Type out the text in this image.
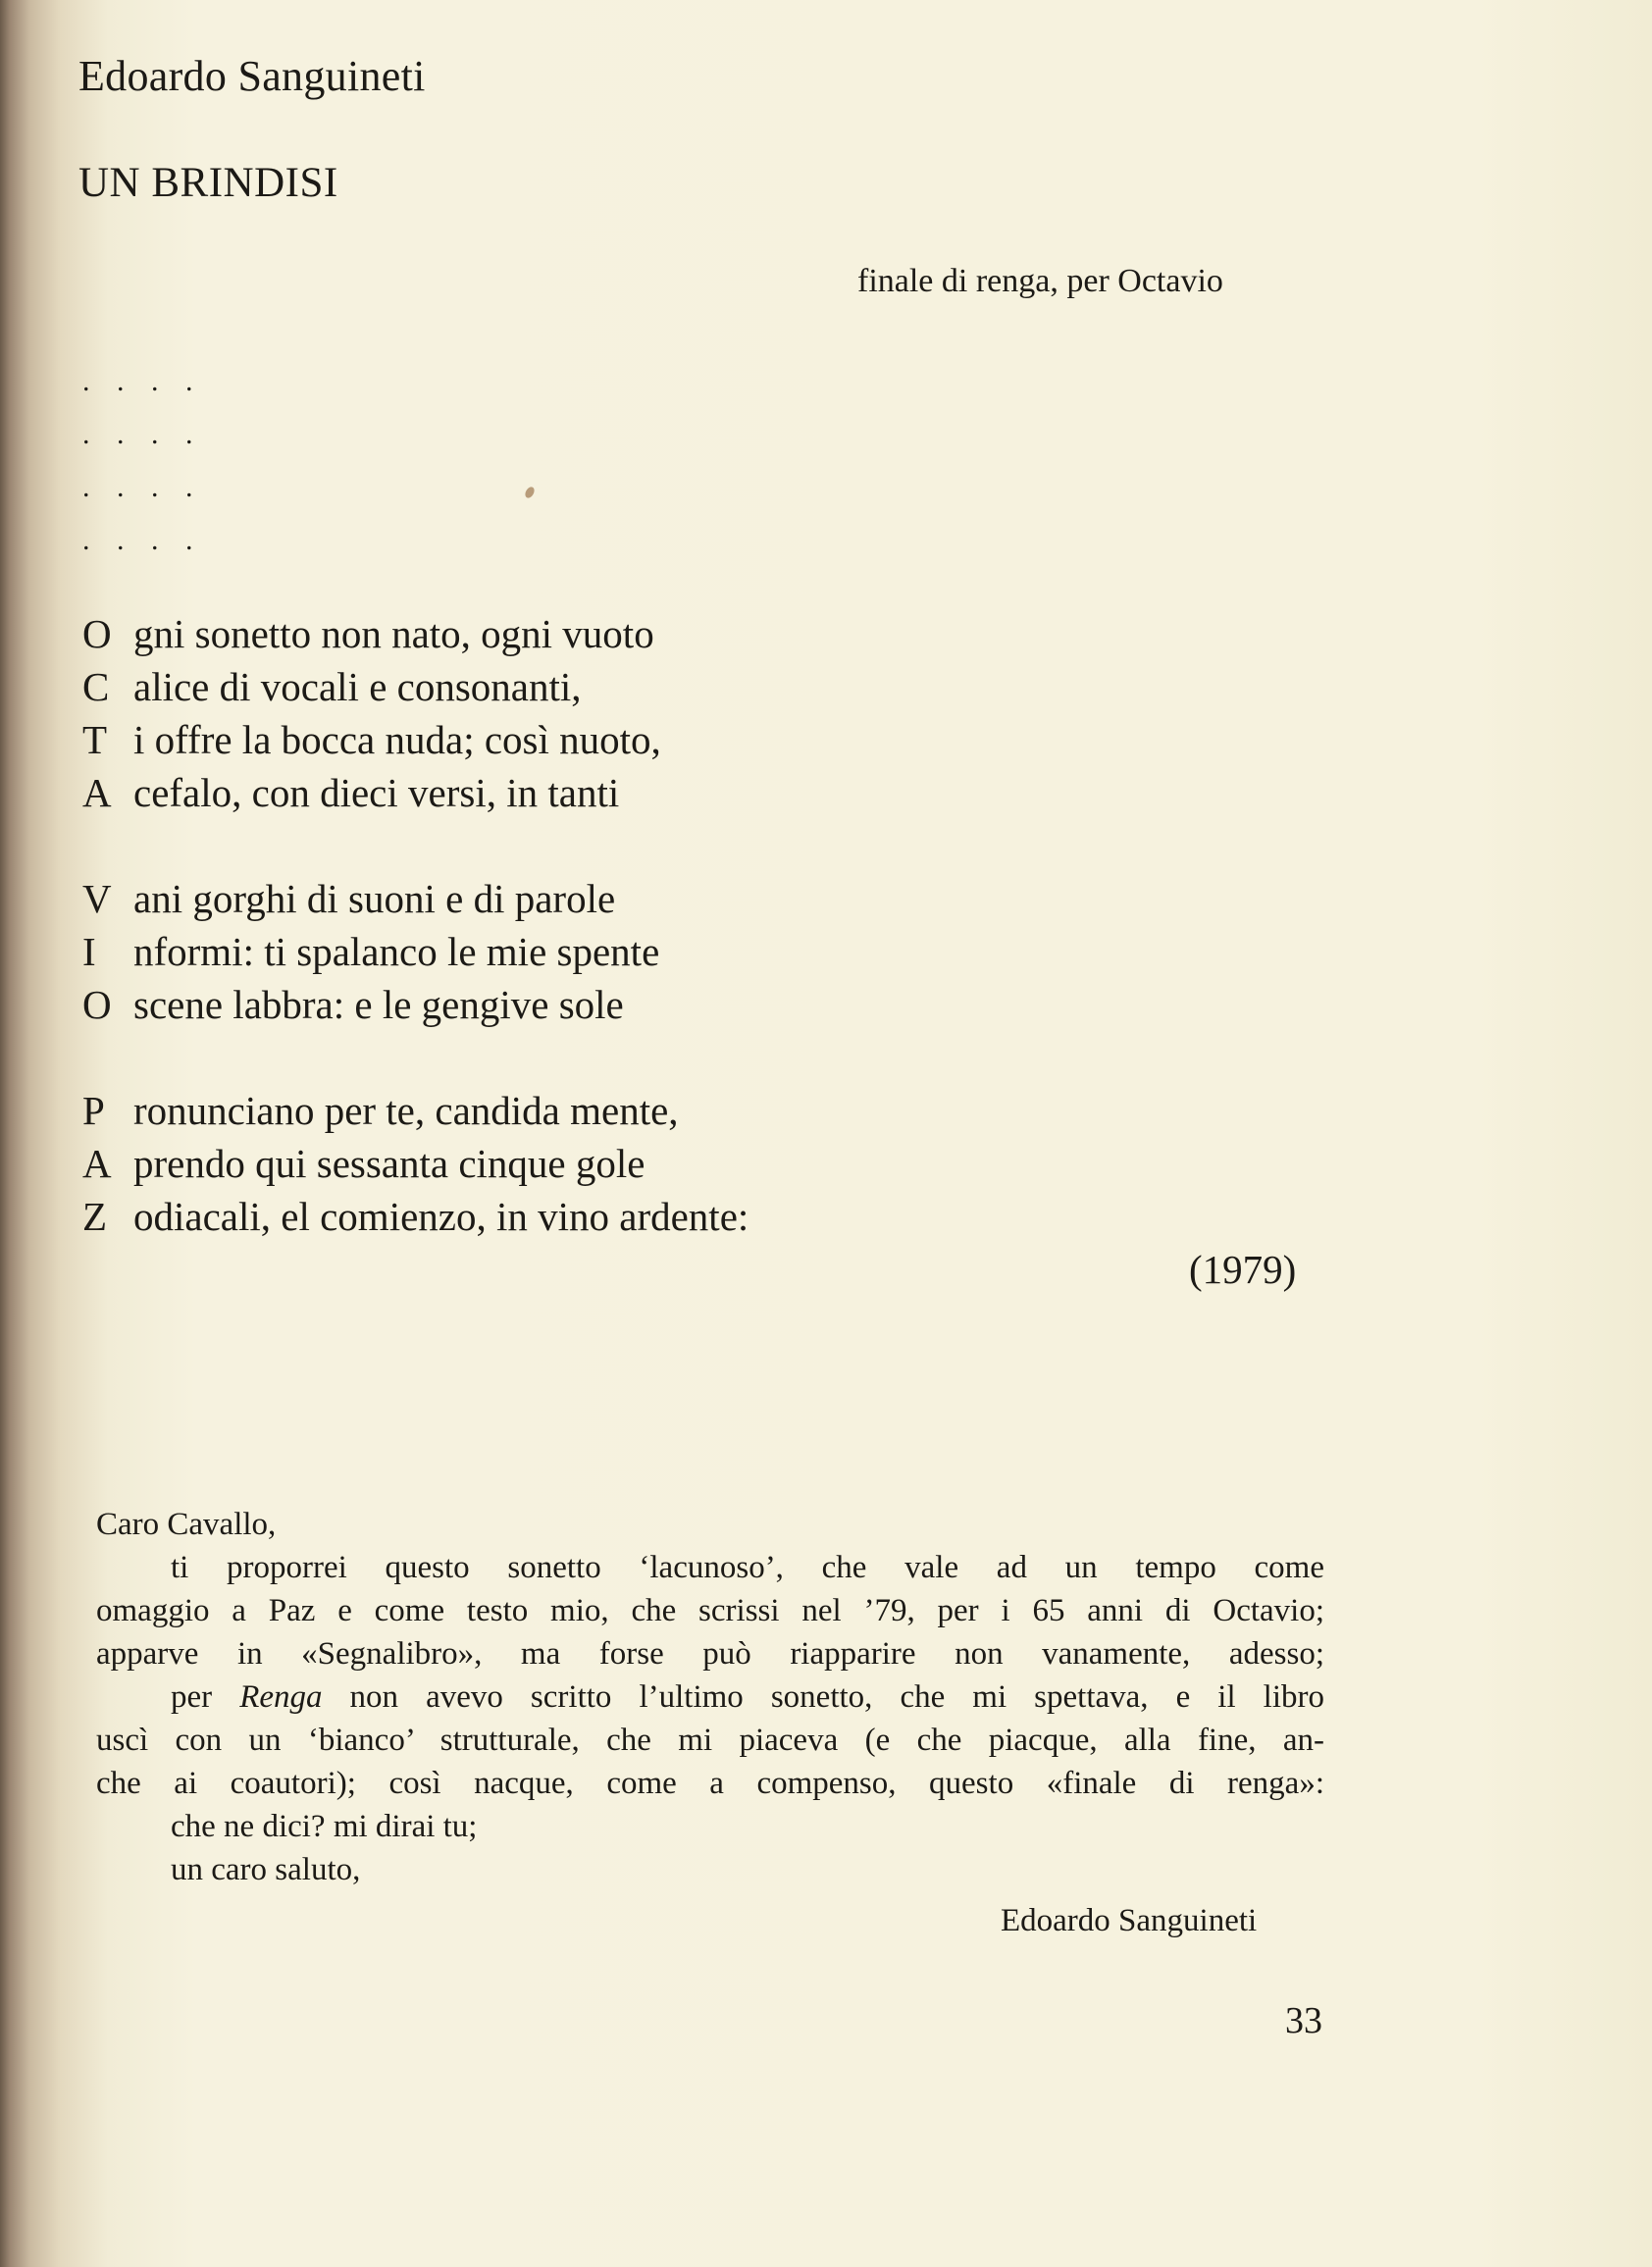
Edoardo Sanguineti
UN BRINDISI
finale di renga, per Octavio
. . . .
. . . .
. . . .
. . . .
O gni sonetto non nato, ogni vuoto
C alice di vocali e consonanti,
T i offre la bocca nuda; così nuoto,
A cefalo, con dieci versi, in tanti
V ani gorghi di suoni e di parole
I nformi: ti spalanco le mie spente
O scene labbra: e le gengive sole
P ronunciano per te, candida mente,
A prendo qui sessanta cinque gole
Z odiacali, el comienzo, in vino ardente:
(1979)
Caro Cavallo,
ti proporrei questo sonetto ‘lacunoso’, che vale ad un tempo come
omaggio a Paz e come testo mio, che scrissi nel ’79, per i 65 anni di Octavio;
apparve in «Segnalibro», ma forse può riapparire non vanamente, adesso;
per Renga non avevo scritto l’ultimo sonetto, che mi spettava, e il libro
uscì con un ‘bianco’ strutturale, che mi piaceva (e che piacque, alla fine, an-
che ai coautori); così nacque, come a compenso, questo «finale di renga»:
che ne dici? mi dirai tu;
un caro saluto,
Edoardo Sanguineti
33
